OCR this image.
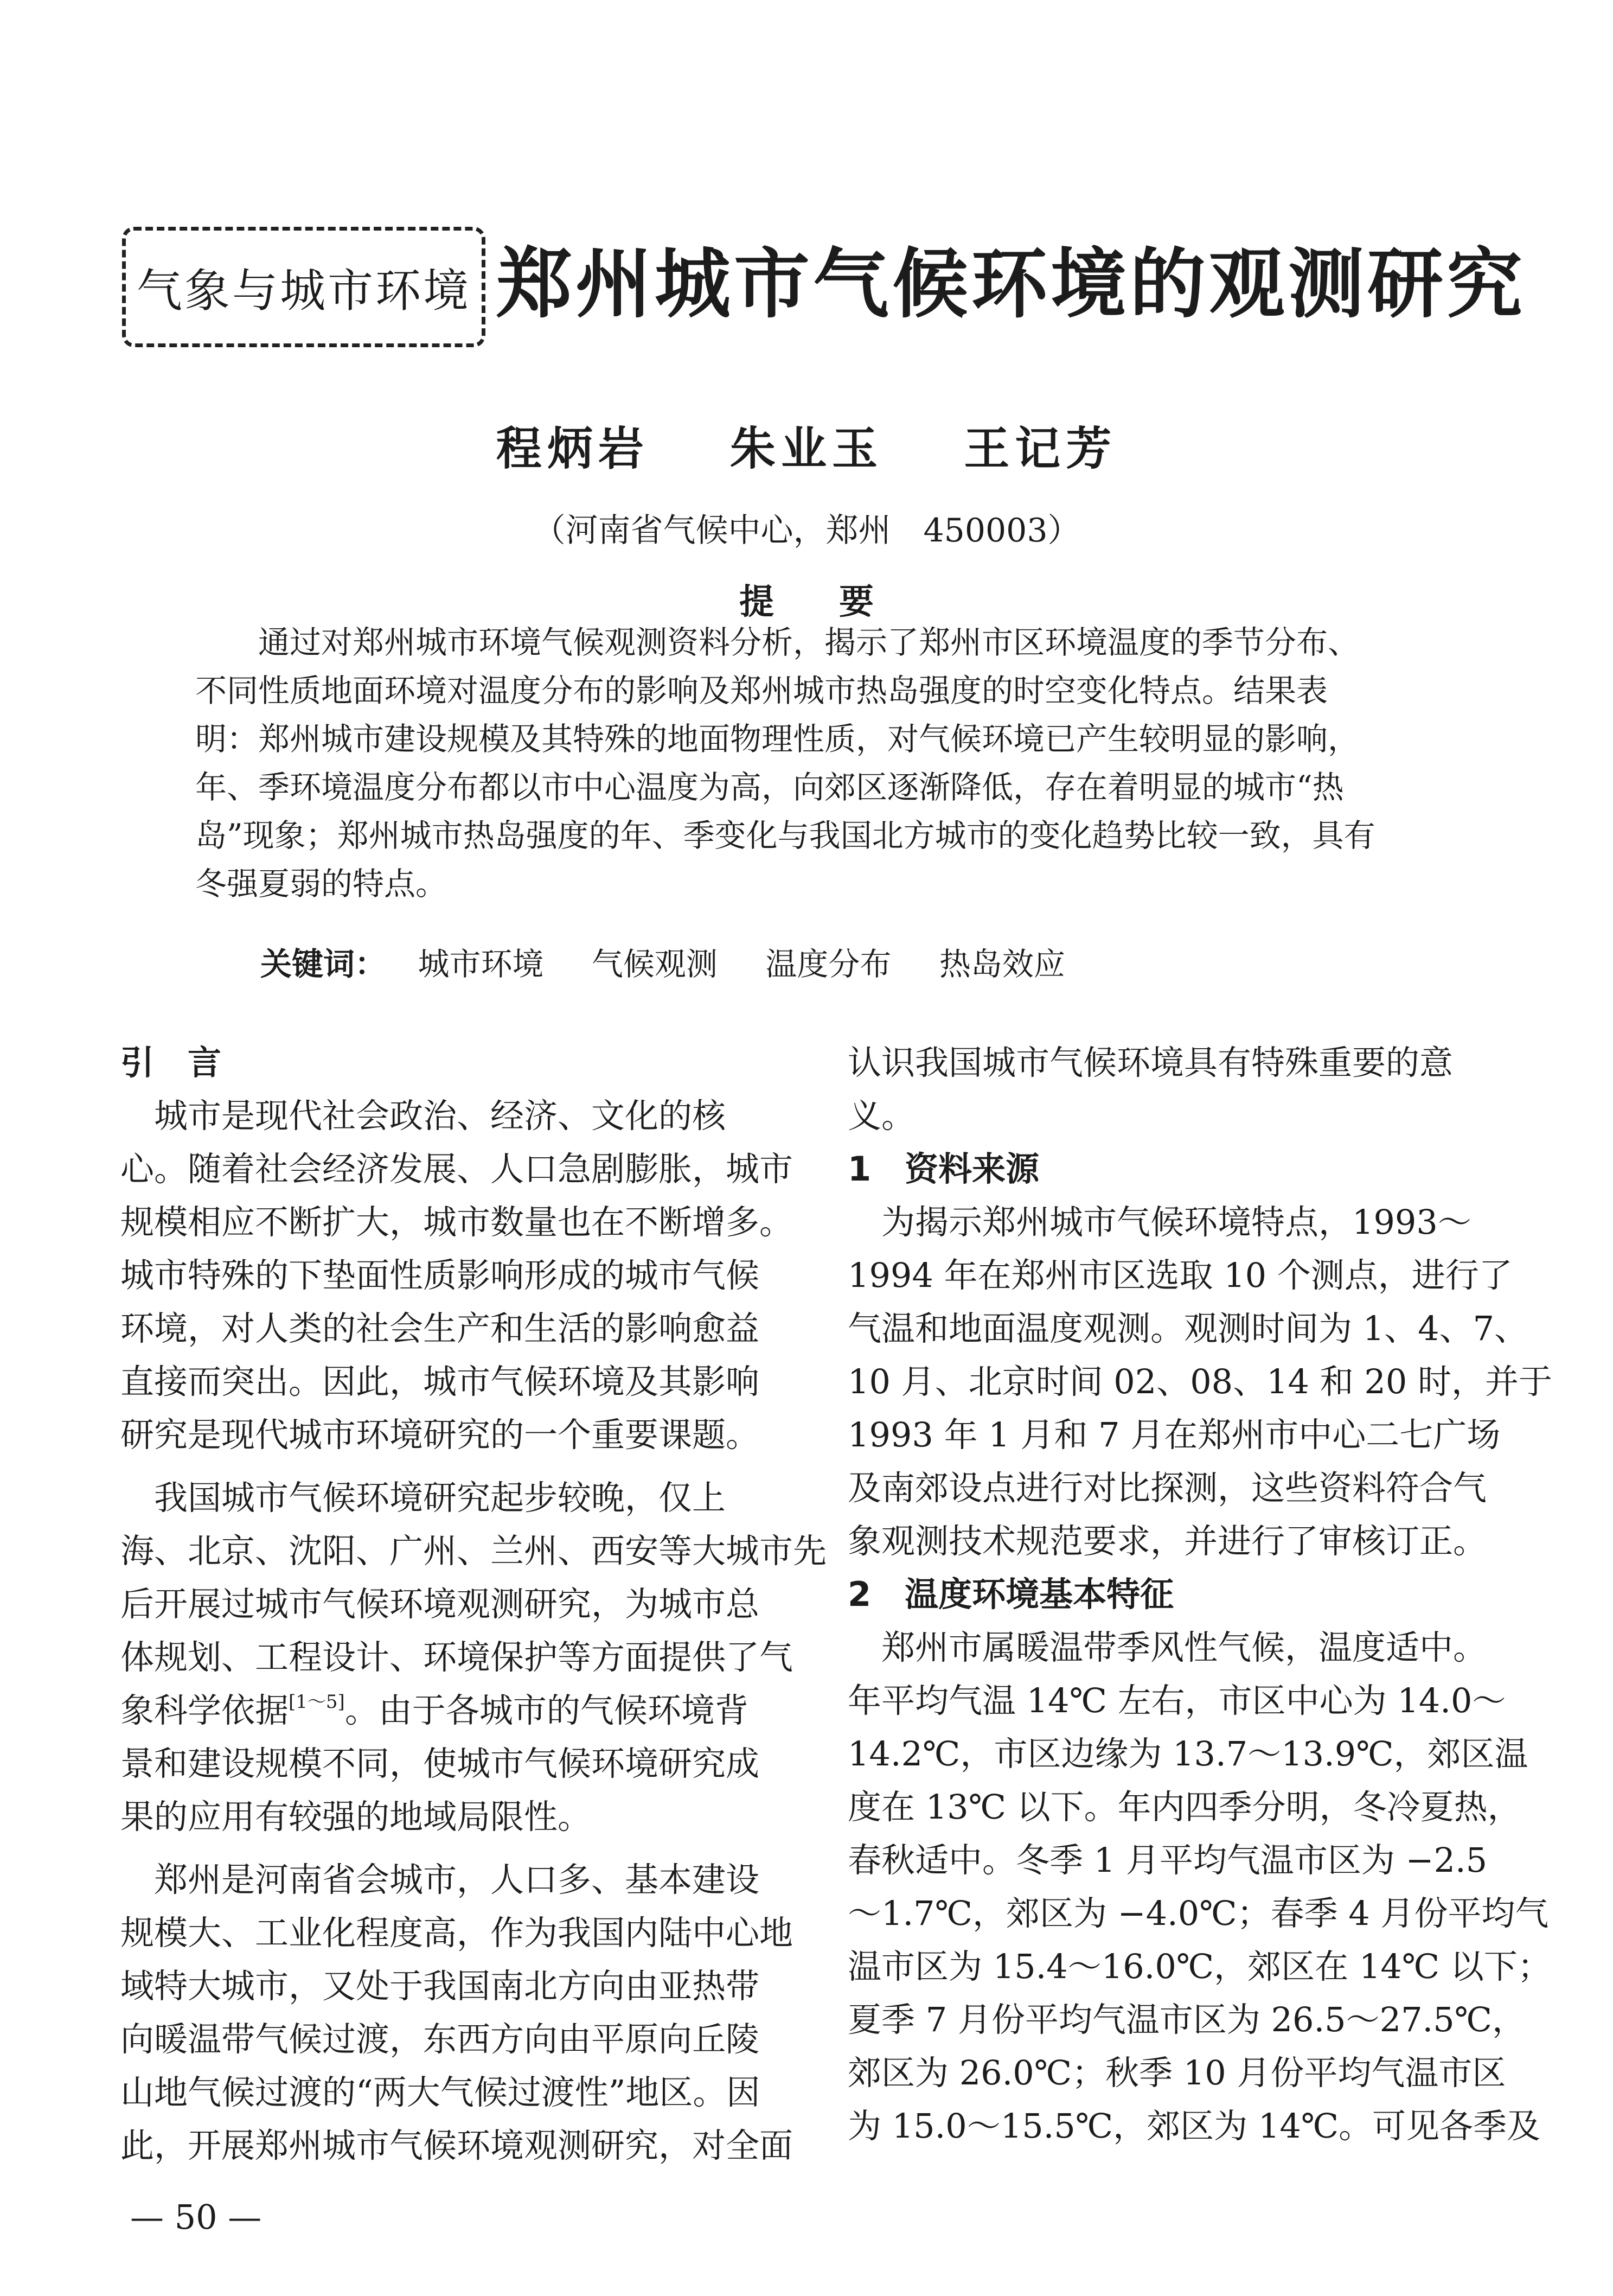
气象与城市环境 郑州城市气候环境的观测研究
程炳岩 朱业玉 王记芳
（河南省气候中心，郑州　450003）
提要

通过对郑州城市环境气候观测资料分析，揭示了郑州市区环境温度的季节分布、
不同性质地面环境对温度分布的影响及郑州城市热岛强度的时空变化特点。结果表
明：郑州城市建设规模及其特殊的地面物理性质，对气候环境已产生较明显的影响，
年、季环境温度分布都以市中心温度为高，向郊区逐渐降低，存在着明显的城市“热
岛”现象；郑州城市热岛强度的年、季变化与我国北方城市的变化趋势比较一致，具有
冬强夏弱的特点。

关键词： 城市环境 气候观测 温度分布 热岛效应
引　言
　城市是现代社会政治、经济、文化的核
心。随着社会经济发展、人口急剧膨胀，城市
规模相应不断扩大，城市数量也在不断增多。
城市特殊的下垫面性质影响形成的城市气候
环境，对人类的社会生产和生活的影响愈益
直接而突出。因此，城市气候环境及其影响
研究是现代城市环境研究的一个重要课题。
　我国城市气候环境研究起步较晚，仅上
海、北京、沈阳、广州、兰州、西安等大城市先
后开展过城市气候环境观测研究，为城市总
体规划、工程设计、环境保护等方面提供了气
象科学依据[1～5]。由于各城市的气候环境背
景和建设规模不同，使城市气候环境研究成
果的应用有较强的地域局限性。
　郑州是河南省会城市，人口多、基本建设
规模大、工业化程度高，作为我国内陆中心地
域特大城市，又处于我国南北方向由亚热带
向暖温带气候过渡，东西方向由平原向丘陵
山地气候过渡的“两大气候过渡性”地区。因
此，开展郑州城市气候环境观测研究，对全面
认识我国城市气候环境具有特殊重要的意
义。
1　资料来源
　为揭示郑州城市气候环境特点，1993～
1994 年在郑州市区选取 10 个测点，进行了
气温和地面温度观测。观测时间为 1、4、7、
10 月、北京时间 02、08、14 和 20 时，并于
1993 年 1 月和 7 月在郑州市中心二七广场
及南郊设点进行对比探测，这些资料符合气
象观测技术规范要求，并进行了审核订正。
2　温度环境基本特征
　郑州市属暖温带季风性气候，温度适中。
年平均气温 14℃ 左右，市区中心为 14.0～
14.2℃，市区边缘为 13.7～13.9℃，郊区温
度在 13℃ 以下。年内四季分明，冬冷夏热，
春秋适中。冬季 1 月平均气温市区为 −2.5
～1.7℃，郊区为 −4.0℃；春季 4 月份平均气
温市区为 15.4～16.0℃，郊区在 14℃ 以下；
夏季 7 月份平均气温市区为 26.5～27.5℃，
郊区为 26.0℃；秋季 10 月份平均气温市区
为 15.0～15.5℃，郊区为 14℃。可见各季及
— 50 —
